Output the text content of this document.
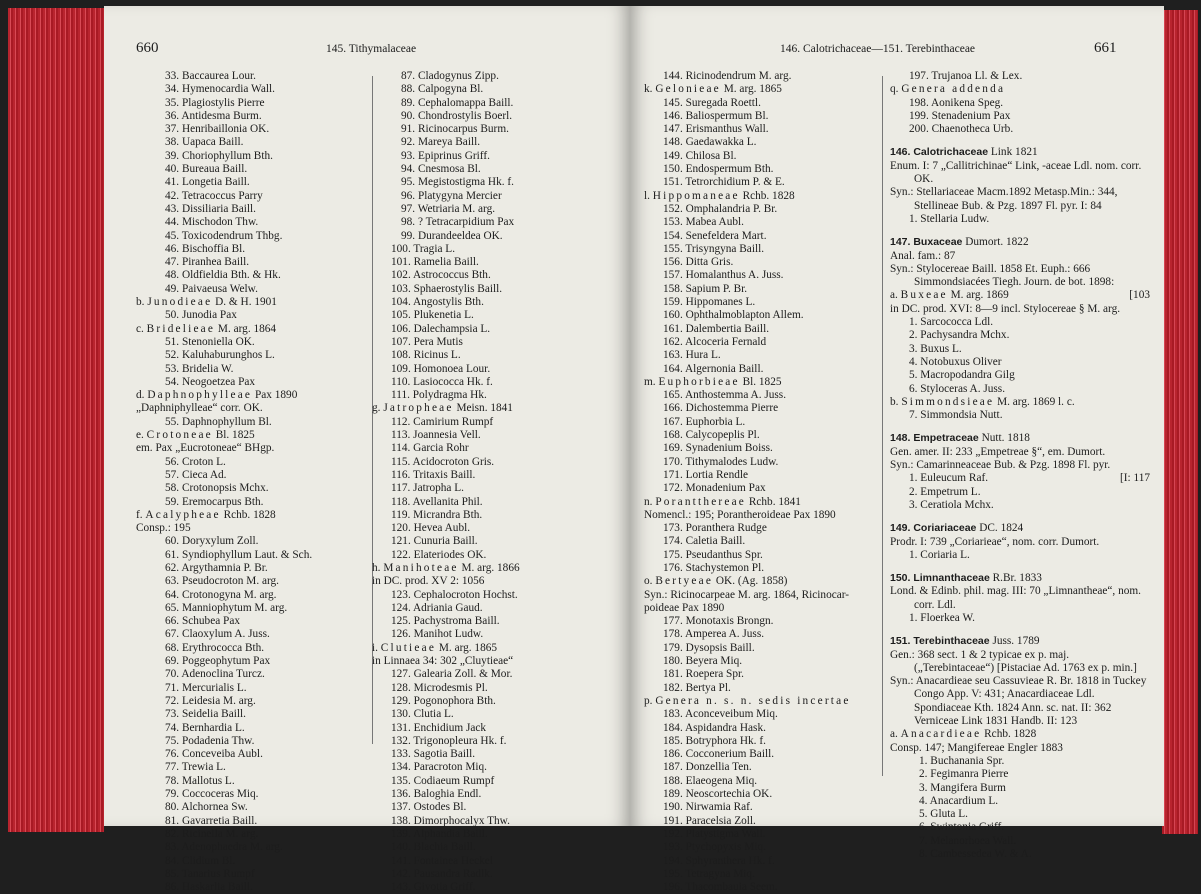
660	145. Tithymalaceae
33. Baccaurea Lour.
34. Hymenocardia Wall.
35. Plagiostylis Pierre
36. Antidesma Burm.
37. Henribaillonia OK.
38. Uapaca Baill.
39. Choriophyllum Bth.
40. Bureaua Baill.
41. Longetia Baill.
42. Tetracoccus Parry
43. Dissiliaria Baill.
44. Mischodon Thw.
45. Toxicodendrum Thbg.
46. Bischoffia Bl.
47. Piranhea Baill.
48. Oldfieldia Bth. & Hk.
49. Paivaeusa Welw.
b. Junodieae D. & H. 1901
50. Junodia Pax
c. Bridelieae M. arg. 1864
51. Stenoniella OK.
52. Kaluhaburunghos L.
53. Bridelia W.
54. Neogoetzea Pax
d. Daphnophylleae Pax 1890
„Daphniphylleae“ corr. OK.
55. Daphnophyllum Bl.
e. Crotoneae Bl. 1825
em. Pax „Eucrotoneae“ BHgp.
56. Croton L.
57. Cieca Ad.
58. Crotonopsis Mchx.
59. Eremocarpus Bth.
f. Acalypheae Rchb. 1828
Consp.: 195
60. Doryxylum Zoll.
61. Syndiophyllum Laut. & Sch.
62. Argythamnia P. Br.
63. Pseudocroton M. arg.
64. Crotonogyna M. arg.
65. Manniophytum M. arg.
66. Schubea Pax
67. Claoxylum A. Juss.
68. Erythrococca Bth.
69. Poggeophytum Pax
70. Adenoclina Turcz.
71. Mercurialis L.
72. Leidesia M. arg.
73. Seidelia Baill.
74. Bernhardia L.
75. Podadenia Thw.
76. Conceveiba Aubl.
77. Trewia L.
78. Mallotus L.
79. Coccoceras Miq.
80. Alchornea Sw.
81. Gavarretia Baill.
82. Ricinella M. arg.
83. Adenophaedra M. arg.
84. Clidium Bl.
85. Tanarius Rumpf
86. Haskarlia Baill.
87. Cladogynus Zipp.
88. Calpogyna Bl.
89. Cephalomappa Baill.
90. Chondrostylis Boerl.
91. Ricinocarpus Burm.
92. Mareya Baill.
93. Epiprinus Griff.
94. Cnesmosa Bl.
95. Megistostigma Hk. f.
96. Platygyna Mercier
97. Wetriaria M. arg.
98. ? Tetracarpidium Pax
99. Durandeeldea OK.
100. Tragia L.
101. Ramelia Baill.
102. Astrococcus Bth.
103. Sphaerostylis Baill.
104. Angostylis Bth.
105. Plukenetia L.
106. Dalechampsia L.
107. Pera Mutis
108. Ricinus L.
109. Homonoea Lour.
110. Lasiococca Hk. f.
111. Polydragma Hk.
g. Jatropheae Meisn. 1841
112. Camirium Rumpf
113. Joannesia Vell.
114. Garcia Rohr
115. Acidocroton Gris.
116. Tritaxis Baill.
117. Jatropha L.
118. Avellanita Phil.
119. Micrandra Bth.
120. Hevea Aubl.
121. Cunuria Baill.
122. Elateriodes OK.
h. Manihoteae M. arg. 1866
in DC. prod. XV 2: 1056
123. Cephalocroton Hochst.
124. Adriania Gaud.
125. Pachystroma Baill.
126. Manihot Ludw.
i. Clutieae M. arg. 1865
in Linnaea 34: 302 „Cluytieae“
127. Galearia Zoll. & Mor.
128. Microdesmis Pl.
129. Pogonophora Bth.
130. Clutia L.
131. Enchidium Jack
132. Trigonopleura Hk. f.
133. Sagotia Baill.
134. Paracroton Miq.
135. Codiaeum Rumpf
136. Baloghia Endl.
137. Ostodes Bl.
138. Dimorphocalyx Thw.
139. Alphandia Baill.
140. Blachia Baill.
141. Fontainea Heckel
142. Pausandra Radlk.
143. Givotia Griff.
661
146. Calotrichaceae—151. Terebinthaceae
144. Ricinodendrum M. arg.
k. Gelonieae M. arg. 1865
145. Suregada Roettl.
146. Baliospermum Bl.
147. Erismanthus Wall.
148. Gaedawakka L.
149. Chilosa Bl.
150. Endospermum Bth.
151. Tetrorchidium P. & E.
l. Hippomaneae Rchb. 1828
152. Omphalandria P. Br.
153. Mabea Aubl.
154. Senefeldera Mart.
155. Trisyngyna Baill.
156. Ditta Gris.
157. Homalanthus A. Juss.
158. Sapium P. Br.
159. Hippomanes L.
160. Ophthalmoblapton Allem.
161. Dalembertia Baill.
162. Alcoceria Fernald
163. Hura L.
164. Algernonia Baill.
m. Euphorbieae Bl. 1825
165. Anthostemma A. Juss.
166. Dichostemma Pierre
167. Euphorbia L.
168. Calycopeplis Pl.
169. Synadenium Boiss.
170. Tithymalodes Ludw.
171. Lortia Rendle
172. Monadenium Pax
n. Porantthereae Rchb. 1841
Nomencl.: 195; Porantheroideae Pax 1890
173. Poranthera Rudge
174. Caletia Baill.
175. Pseudanthus Spr.
176. Stachystemon Pl.
o. Bertyeae OK. (Ag. 1858)
Syn.: Ricinocarpeae M. arg. 1864, Ricinocar-
poideae Pax 1890
177. Monotaxis Brongn.
178. Amperea A. Juss.
179. Dysopsis Baill.
180. Beyera Miq.
181. Roepera Spr.
182. Bertya Pl.
p. Genera n. s. n. sedis incertae
183. Aconceveibum Miq.
184. Aspidandra Hask.
185. Botryphora Hk. f.
186. Cocconerium Baill.
187. Donzellia Ten.
188. Elaeogena Miq.
189. Neoscortechia OK.
190. Nirwamia Raf.
191. Paracelsia Zoll.
192. Platystigma Wall.
193. Ptychopyxis Miq.
194. Sphyranthera Hk. f.
195. Tetragyna Miq.
196. Thacombauia Seem.
197. Trujanoa Ll. & Lex.
q. Genera addenda
198. Aonikena Speg.
199. Stenadenium Pax
200. Chaenotheca Urb.
146. Calotrichaceae Link 1821
Enum. I: 7 „Callitrichinae“ Link, -aceae Ldl. nom. corr. OK.
Syn.: Stellariaceae Macm.1892 Metasp.Min.: 344, Stellineae Bub. & Pzg. 1897 Fl. pyr. I: 84
1. Stellaria Ludw.
147. Buxaceae Dumort. 1822
Anal. fam.: 87
Syn.: Stylocereae Baill. 1858 Et. Euph.: 666 Simmondsiacées Tiegh. Journ. de bot. 1898:
[103
a. Buxeae M. arg. 1869
in DC. prod. XVI: 8—9 incl. Stylocereae § M. arg.
1. Sarcococca Ldl.
2. Pachysandra Mchx.
3. Buxus L.
4. Notobuxus Oliver
5. Macropodandra Gilg
6. Styloceras A. Juss.
b. Simmondsieae M. arg. 1869 l. c.
7. Simmondsia Nutt.
148. Empetraceae Nutt. 1818
Gen. amer. II: 233 „Empetreae §“, em. Dumort.
Syn.: Camarinneaceae Bub. & Pzg. 1898 Fl. pyr.
[I: 117
1. Euleucum Raf.
2. Empetrum L.
3. Ceratiola Mchx.
149. Coriariaceae DC. 1824
Prodr. I: 739 „Coriarieae“, nom. corr. Dumort.
1. Coriaria L.
150. Limnanthaceae R.Br. 1833
Lond. & Edinb. phil. mag. III: 70 „Limnantheae“, nom. corr. Ldl.
1. Floerkea W.
151. Terebinthaceae Juss. 1789
Gen.: 368 sect. 1 & 2 typicae ex p. maj. („Terebintaceae“) [Pistaciae Ad. 1763 ex p. min.]
Syn.: Anacardieae seu Cassuvieae R. Br. 1818 in Tuckey Congo App. V: 431; Anacardiaceae Ldl. Spondiaceae Kth. 1824 Ann. sc. nat. II: 362 Verniceae Link 1831 Handb. II: 123
a. Anacardieae Rchb. 1828
Consp. 147; Mangifereae Engler 1883
1. Buchanania Spr.
2. Fegimanra Pierre
3. Mangifera Burm
4. Anacardium L.
5. Gluta L.
6. Swintonia Griff.
7. Melanorhoea Wall.
8. Cambessedea W. & A.
